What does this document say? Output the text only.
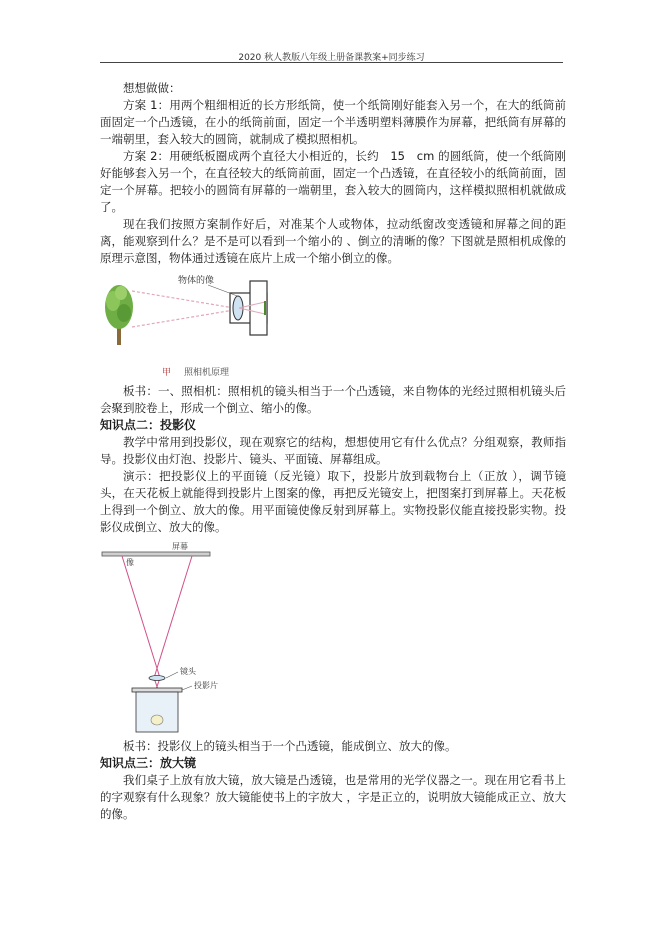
2020 秋人教版八年级上册备课教案+同步练习

想想做做：

方案 1：用两个粗细相近的长方形纸筒，使一个纸筒刚好能套入另一个，在大的纸筒前面固定一个凸透镜，在小的纸筒前面，固定一个半透明塑料薄膜作为屏幕，把纸筒有屏幕的一端朝里，套入较大的圆筒，就制成了模拟照相机。

方案 2：用硬纸板圈成两个直径大小相近的，长约　15　cm 的圆纸筒，使一个纸筒刚好能够套入另一个，在直径较大的纸筒前面，固定一个凸透镜，在直径较小的纸筒前面，固定一个屏幕。把较小的圆筒有屏幕的一端朝里，套入较大的圆筒内，这样模拟照相机就做成了。

现在我们按照方案制作好后，对准某个人或物体，拉动纸窗改变透镜和屏幕之间的距离，能观察到什么？是不是可以看到一个缩小的 、倒立的清晰的像？下图就是照相机成像的原理示意图，物体通过透镜在底片上成一个缩小倒立的像。

物体的像
甲 照相机原理

板书：一、照相机：照相机的镜头相当于一个凸透镜，来自物体的光经过照相机镜头后会聚到胶卷上，形成一个倒立、缩小的像。

知识点二：投影仪

教学中常用到投影仪，现在观察它的结构，想想使用它有什么优点？分组观察，教师指导。投影仪由灯泡、投影片、镜头、平面镜、屏幕组成。

演示：把投影仪上的平面镜（反光镜）取下，投影片放到载物台上（正放 ），调节镜头，在天花板上就能得到投影片上图案的像，再把反光镜安上，把图案打到屏幕上。天花板上得到一个倒立、放大的像。用平面镜使像反射到屏幕上。实物投影仪能直接投影实物。投影仪成倒立、放大的像。

屏幕
像
镜头
投影片

板书：投影仪上的镜头相当于一个凸透镜，能成倒立、放大的像。

知识点三：放大镜

我们桌子上放有放大镜，放大镜是凸透镜，也是常用的光学仪器之一。现在用它看书上的字观察有什么现象？放大镜能使书上的字放大 ，字是正立的，说明放大镜能成正立、放大的像。
